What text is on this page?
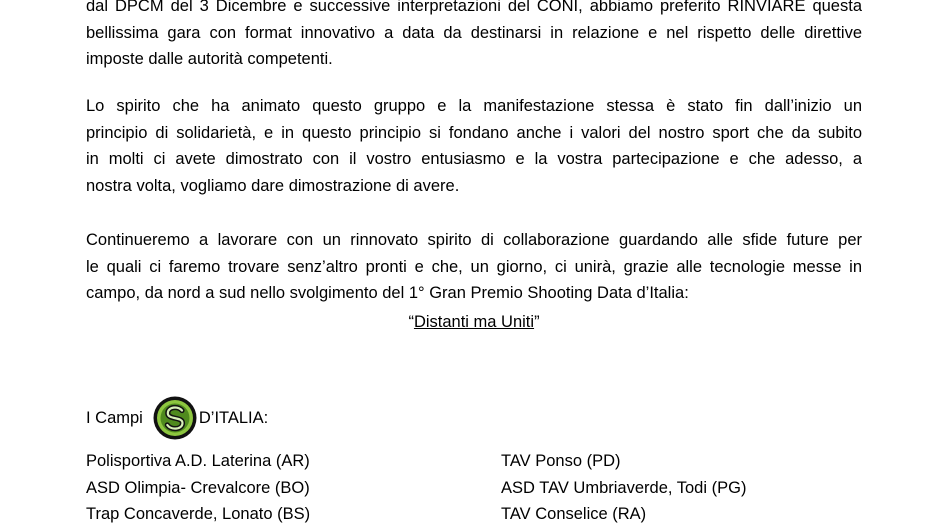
dal DPCM del 3 Dicembre e successive interpretazioni del CONI, abbiamo preferito RINVIARE questa
bellissima gara con format innovativo a data da destinarsi in relazione e nel rispetto delle direttive
imposte dalle autorità competenti.

Lo spirito che ha animato questo gruppo e la manifestazione stessa è stato fin dall’inizio un
principio di solidarietà, e in questo principio si fondano anche i valori del nostro sport che da subito
in molti ci avete dimostrato con il vostro entusiasmo e la vostra partecipazione e che adesso, a
nostra volta, vogliamo dare dimostrazione di avere.

Continueremo a lavorare con un rinnovato spirito di collaborazione guardando alle sfide future per
le quali ci faremo trovare senz’altro pronti e che, un giorno, ci unirà, grazie alle tecnologie messe in
campo, da nord a sud nello svolgimento del 1° Gran Premio Shooting Data d’Italia:

“Distanti ma Uniti”
I Campi	D’ITALIA:
Polisportiva A.D. Laterina (AR)
ASD Olimpia- Crevalcore (BO)
Trap Concaverde, Lonato (BS)
TAV Ponso (PD)
ASD TAV Umbriaverde, Todi (PG)
TAV Conselice (RA)
